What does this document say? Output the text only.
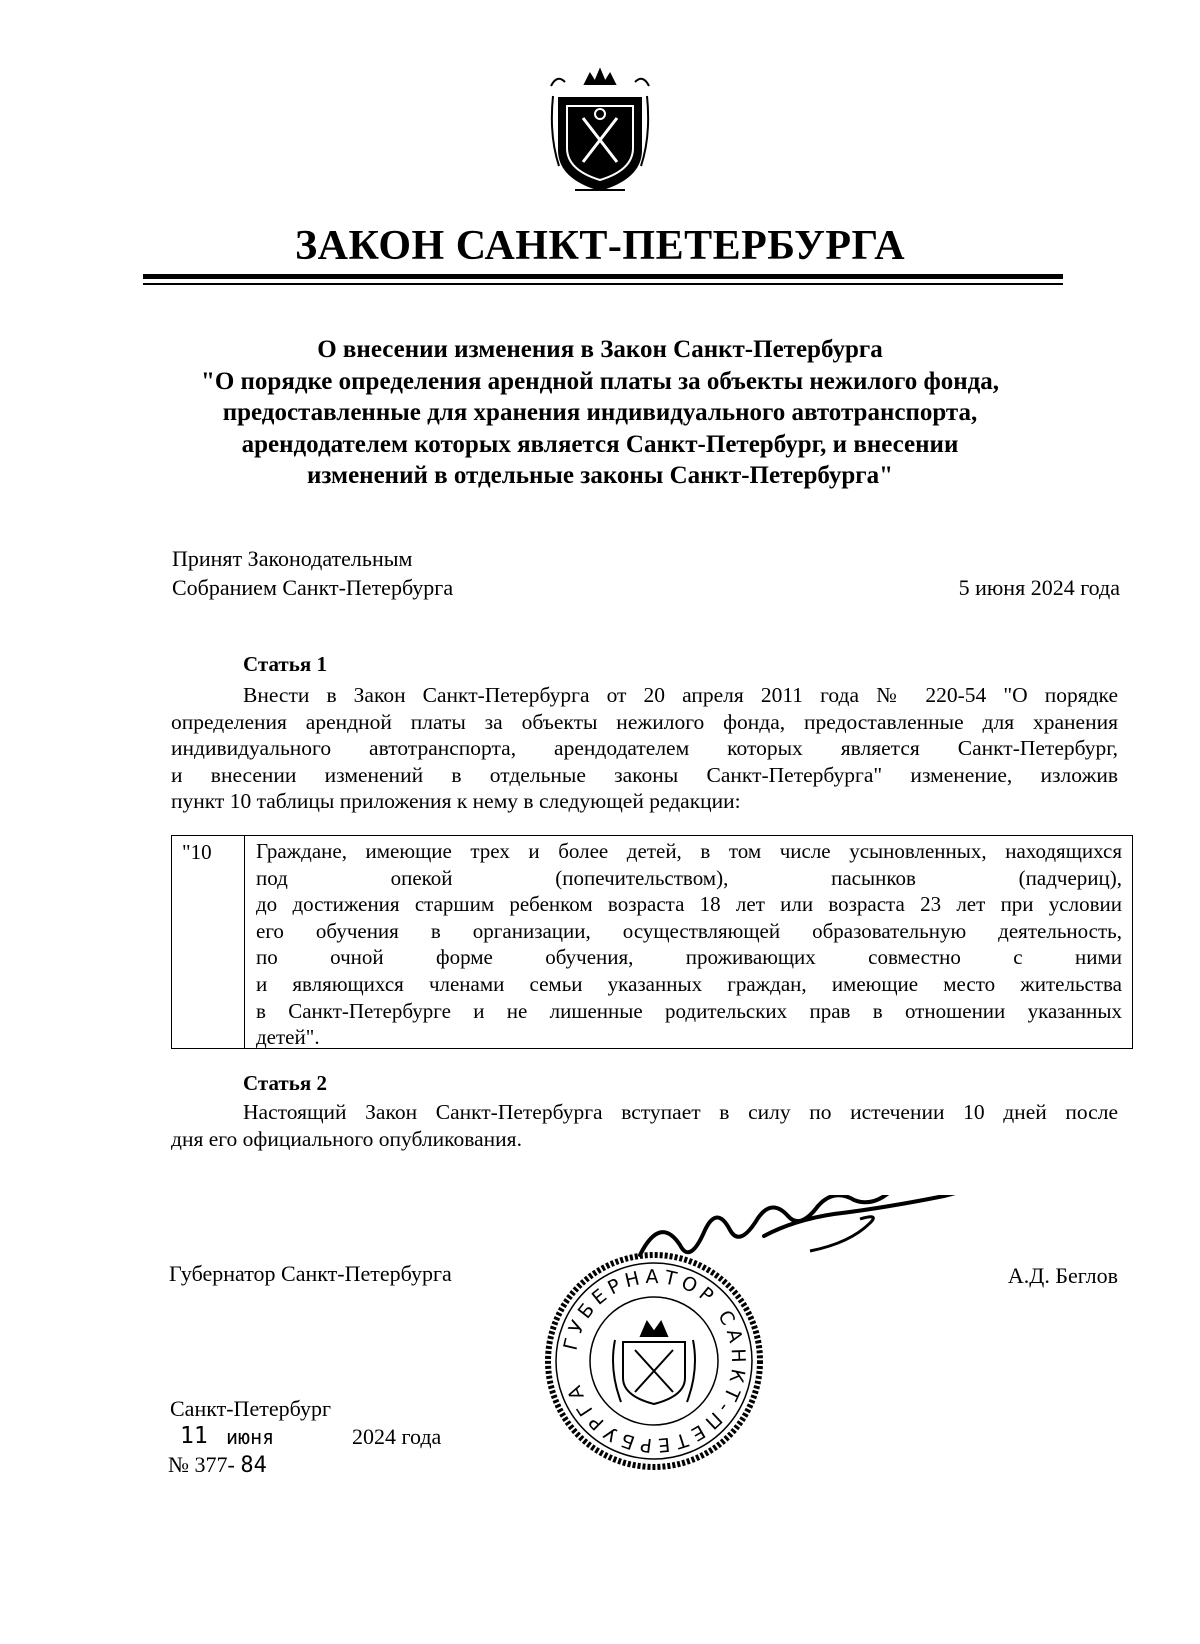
ЗАКОН САНКТ-ПЕТЕРБУРГА
О внесении изменения в Закон Санкт-Петербурга
"О порядке определения арендной платы за объекты нежилого фонда,
предоставленные для хранения индивидуального автотранспорта,
арендодателем которых является Санкт-Петербург, и внесении
изменений в отдельные законы Санкт-Петербурга"
Принят Законодательным
Собранием Санкт-Петербурга	5 июня 2024 года
Статья 1
Внести в Закон Санкт-Петербурга от 20 апреля 2011 года № 220-54 "О порядке
определения арендной платы за объекты нежилого фонда, предоставленные для хранения
индивидуального автотранспорта, арендодателем которых является Санкт-Петербург,
и внесении изменений в отдельные законы Санкт-Петербурга" изменение, изложив
пункт 10 таблицы приложения к нему в следующей редакции:
"10	Граждане, имеющие трех и более детей, в том числе усыновленных, находящихся
под опекой (попечительством), пасынков (падчериц),
до достижения старшим ребенком возраста 18 лет или возраста 23 лет при условии
его обучения в организации, осуществляющей образовательную деятельность,
по очной форме обучения, проживающих совместно с ними
и являющихся членами семьи указанных граждан, имеющие место жительства
в Санкт-Петербурге и не лишенные родительских прав в отношении указанных
детей".
Статья 2
Настоящий Закон Санкт-Петербурга вступает в силу по истечении 10 дней после
дня его официального опубликования.
Губернатор Санкт-Петербурга	А.Д. Беглов
ГУБЕРНАТОР САНКТ-ПЕТЕРБУРГА
Санкт-Петербург
11 июня	2024 года
№ 377- 84
